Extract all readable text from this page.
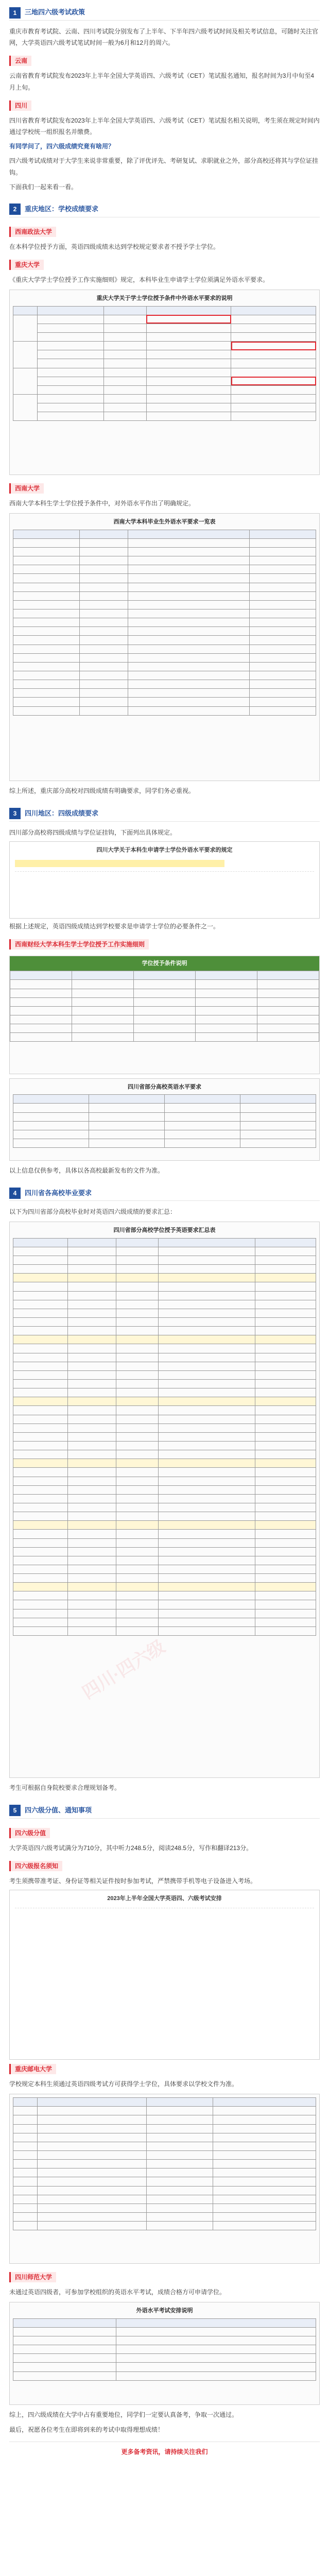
1	三地四六级考试政策

重庆市教育考试院、云南、四川考试院分别发布了上半年、下半年四六级考试时间及相关考试信息，可随时关注官网，大学英语四六级考试笔试时间一般为6月和12月的周六。

云南

云南省教育考试院发布2023年上半年全国大学英语四、六级考试（CET）笔试报名通知，报名时间为3月中旬至4月上旬。

四川

四川省教育考试院发布2023年上半年全国大学英语四、六级考试（CET）笔试报名相关说明，考生须在规定时间内通过学校统一组织报名并缴费。

有同学问了，四六级成绩究竟有啥用？

四六级考试成绩对于大学生来说非常重要，除了评优评先、考研复试、求职就业之外，部分高校还将其与学位证挂钩。

下面我们一起来看一看。

2	重庆地区：学校成绩要求
西南政法大学

在本科学位授予方面，英语四级成绩未达到学校规定要求者不授予学士学位。

重庆大学

《重庆大学学士学位授予工作实施细则》规定，本科毕业生申请学士学位须满足外语水平要求。

重庆大学关于学士学位授予条件中外语水平要求的说明

西南大学

西南大学本科生学士学位授予条件中，对外语水平作出了明确规定。

西南大学本科毕业生外语水平要求一览表

综上所述，重庆部分高校对四级成绩有明确要求，同学们务必重视。

3	四川地区：四级成绩要求

四川部分高校将四级成绩与学位证挂钩，下面列出具体规定。

四川大学关于本科生申请学士学位外语水平要求的规定

根据上述规定，英语四级成绩达到学校要求是申请学士学位的必要条件之一。

西南财经大学本科生学士学位授予工作实施细则
学位授予条件说明

四川省部分高校英语水平要求

以上信息仅供参考，具体以各高校最新发布的文件为准。

4	四川省各高校毕业要求

以下为四川省部分高校毕业时对英语四六级成绩的要求汇总：

四川省部分高校学位授予英语要求汇总表

考生可根据自身院校要求合理规划备考。

5	四六级分值、通知事项
四六级分值

大学英语四六级考试满分为710分，其中听力248.5分，阅读248.5分，写作和翻译213分。

四六级报名须知

考生须携带准考证、身份证等相关证件按时参加考试，严禁携带手机等电子设备进入考场。

2023年上半年全国大学英语四、六级考试安排
重庆邮电大学

学校规定本科生须通过英语四级考试方可获得学士学位，具体要求以学校文件为准。

四川师范大学

未通过英语四级者，可参加学校组织的英语水平考试，成绩合格方可申请学位。

外语水平考试安排说明

综上，四六级成绩在大学中占有重要地位，同学们一定要认真备考，争取一次通过。

最后，祝愿各位考生在即将到来的考试中取得理想成绩！

更多备考资讯，请持续关注我们
